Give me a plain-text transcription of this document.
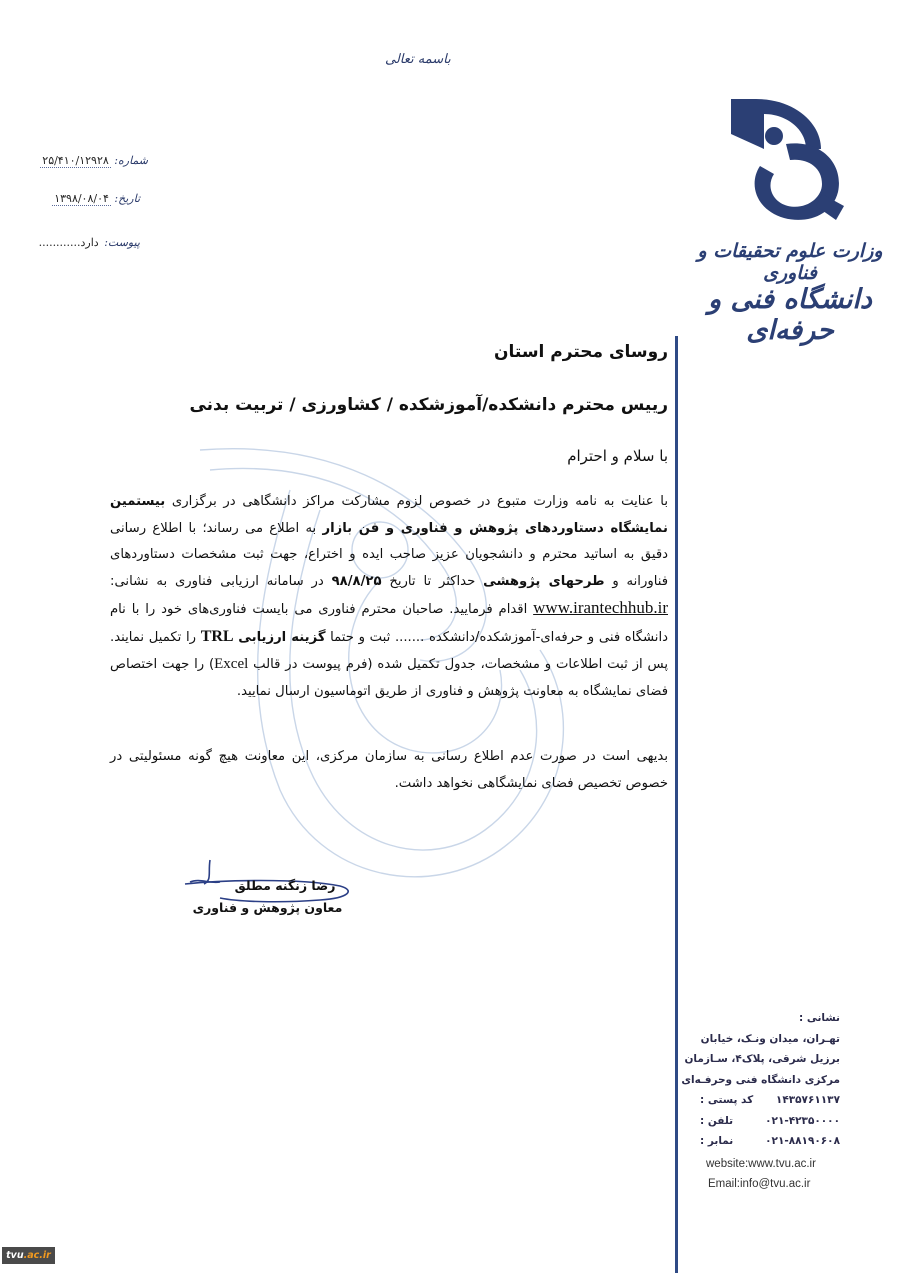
باسمه تعالی
شماره: ۲۵/۴۱۰/۱۲۹۲۸
تاریخ: ۱۳۹۸/۰۸/۰۴
پیوست: دارد............	وزارت علوم تحقیقات و فناوری
دانشگاه فنی و حرفه‌ای
روسای محترم استان
رییس محترم دانشکده/آموزشکده / کشاورزی / تربیت بدنی
با سلام و احترام
با عنایت به نامه وزارت متبوع در خصوص لزوم مشارکت مراکز دانشگاهی در برگزاری بیستمین نمایشگاه دستاوردهای پژوهش و فناوری و فن بازار به اطلاع می رساند؛ با اطلاع رسانی دقیق به اساتید محترم و دانشجویان عزیز صاحب ایده و اختراع، جهت ثبت مشخصات دستاوردهای فناورانه و طرحهای پژوهشی حداکثر تا تاریخ ۹۸/۸/۲۵ در سامانه ارزیابی فناوری به نشانی: www.irantechhub.ir اقدام فرمایید. صاحبان محترم فناوری می بایست فناوری‌های خود را با نام دانشگاه فنی و حرفه‌ای-آموزشکده/دانشکده ....... ثبت و حتما گزینه ارزیابی TRL را تکمیل نمایند. پس از ثبت اطلاعات و مشخصات، جدول تکمیل شده (فرم پیوست در قالب Excel) را جهت اختصاص فضای نمایشگاه به معاونت پژوهش و فناوری از طریق اتوماسیون ارسال نمایید.
بدیهی است در صورت عدم اطلاع رسانی به سازمان مرکزی، این معاونت هیچ گونه مسئولیتی در خصوص تخصیص فضای نمایشگاهی نخواهد داشت.
رضا زنگنه مطلق
معاون پژوهش و فناوری
نشانی :
تهـران، میدان ونـک، خیابان
برزیل شرقی، پلاک۴، سـازمان
مرکزی دانشگاه فنی وحرفـه‌ای
کد پستی : ۱۴۳۵۷۶۱۱۳۷
تلفن :	۰۲۱-۴۲۳۵۰۰۰۰
نمابر :	۰۲۱-۸۸۱۹۰۶۰۸
website:www.tvu.ac.ir
Email:info@tvu.ac.ir
tvu.ac.ir
